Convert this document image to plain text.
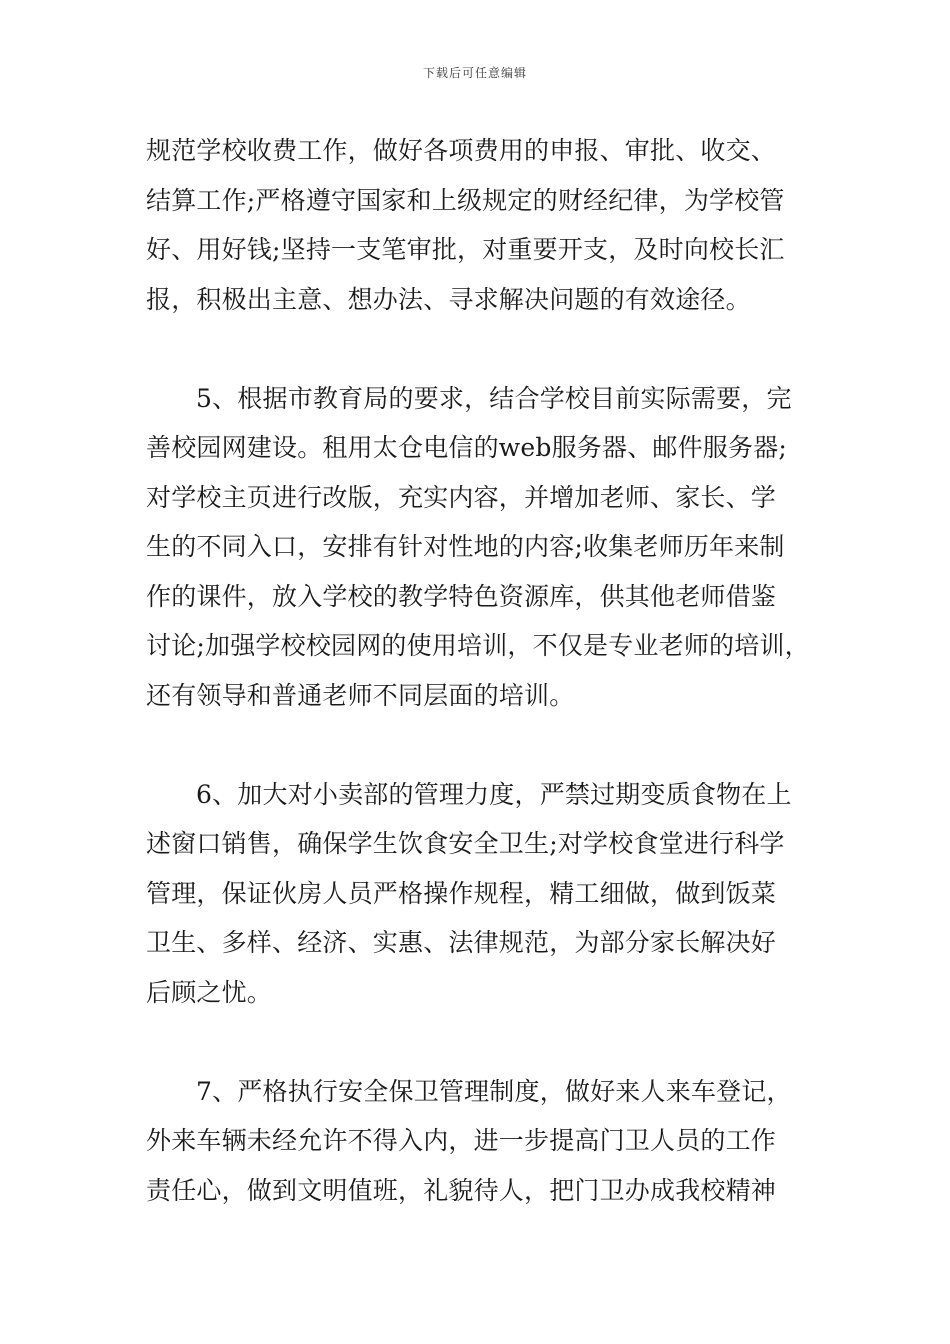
下载后可任意编辑
规范学校收费工作，做好各项费用的申报、审批、收交、
结算工作;严格遵守国家和上级规定的财经纪律，为学校管
好、用好钱;坚持一支笔审批，对重要开支，及时向校长汇
报，积极出主意、想办法、寻求解决问题的有效途径。
5、根据市教育局的要求，结合学校目前实际需要，完
善校园网建设。租用太仓电信的web服务器、邮件服务器;
对学校主页进行改版，充实内容，并增加老师、家长、学
生的不同入口，安排有针对性地的内容;收集老师历年来制
作的课件，放入学校的教学特色资源库，供其他老师借鉴
讨论;加强学校校园网的使用培训，不仅是专业老师的培训，
还有领导和普通老师不同层面的培训。
6、加大对小卖部的管理力度，严禁过期变质食物在上
述窗口销售，确保学生饮食安全卫生;对学校食堂进行科学
管理，保证伙房人员严格操作规程，精工细做，做到饭菜
卫生、多样、经济、实惠、法律规范，为部分家长解决好
后顾之忧。
7、严格执行安全保卫管理制度，做好来人来车登记，
外来车辆未经允许不得入内，进一步提高门卫人员的工作
责任心，做到文明值班，礼貌待人，把门卫办成我校精神
